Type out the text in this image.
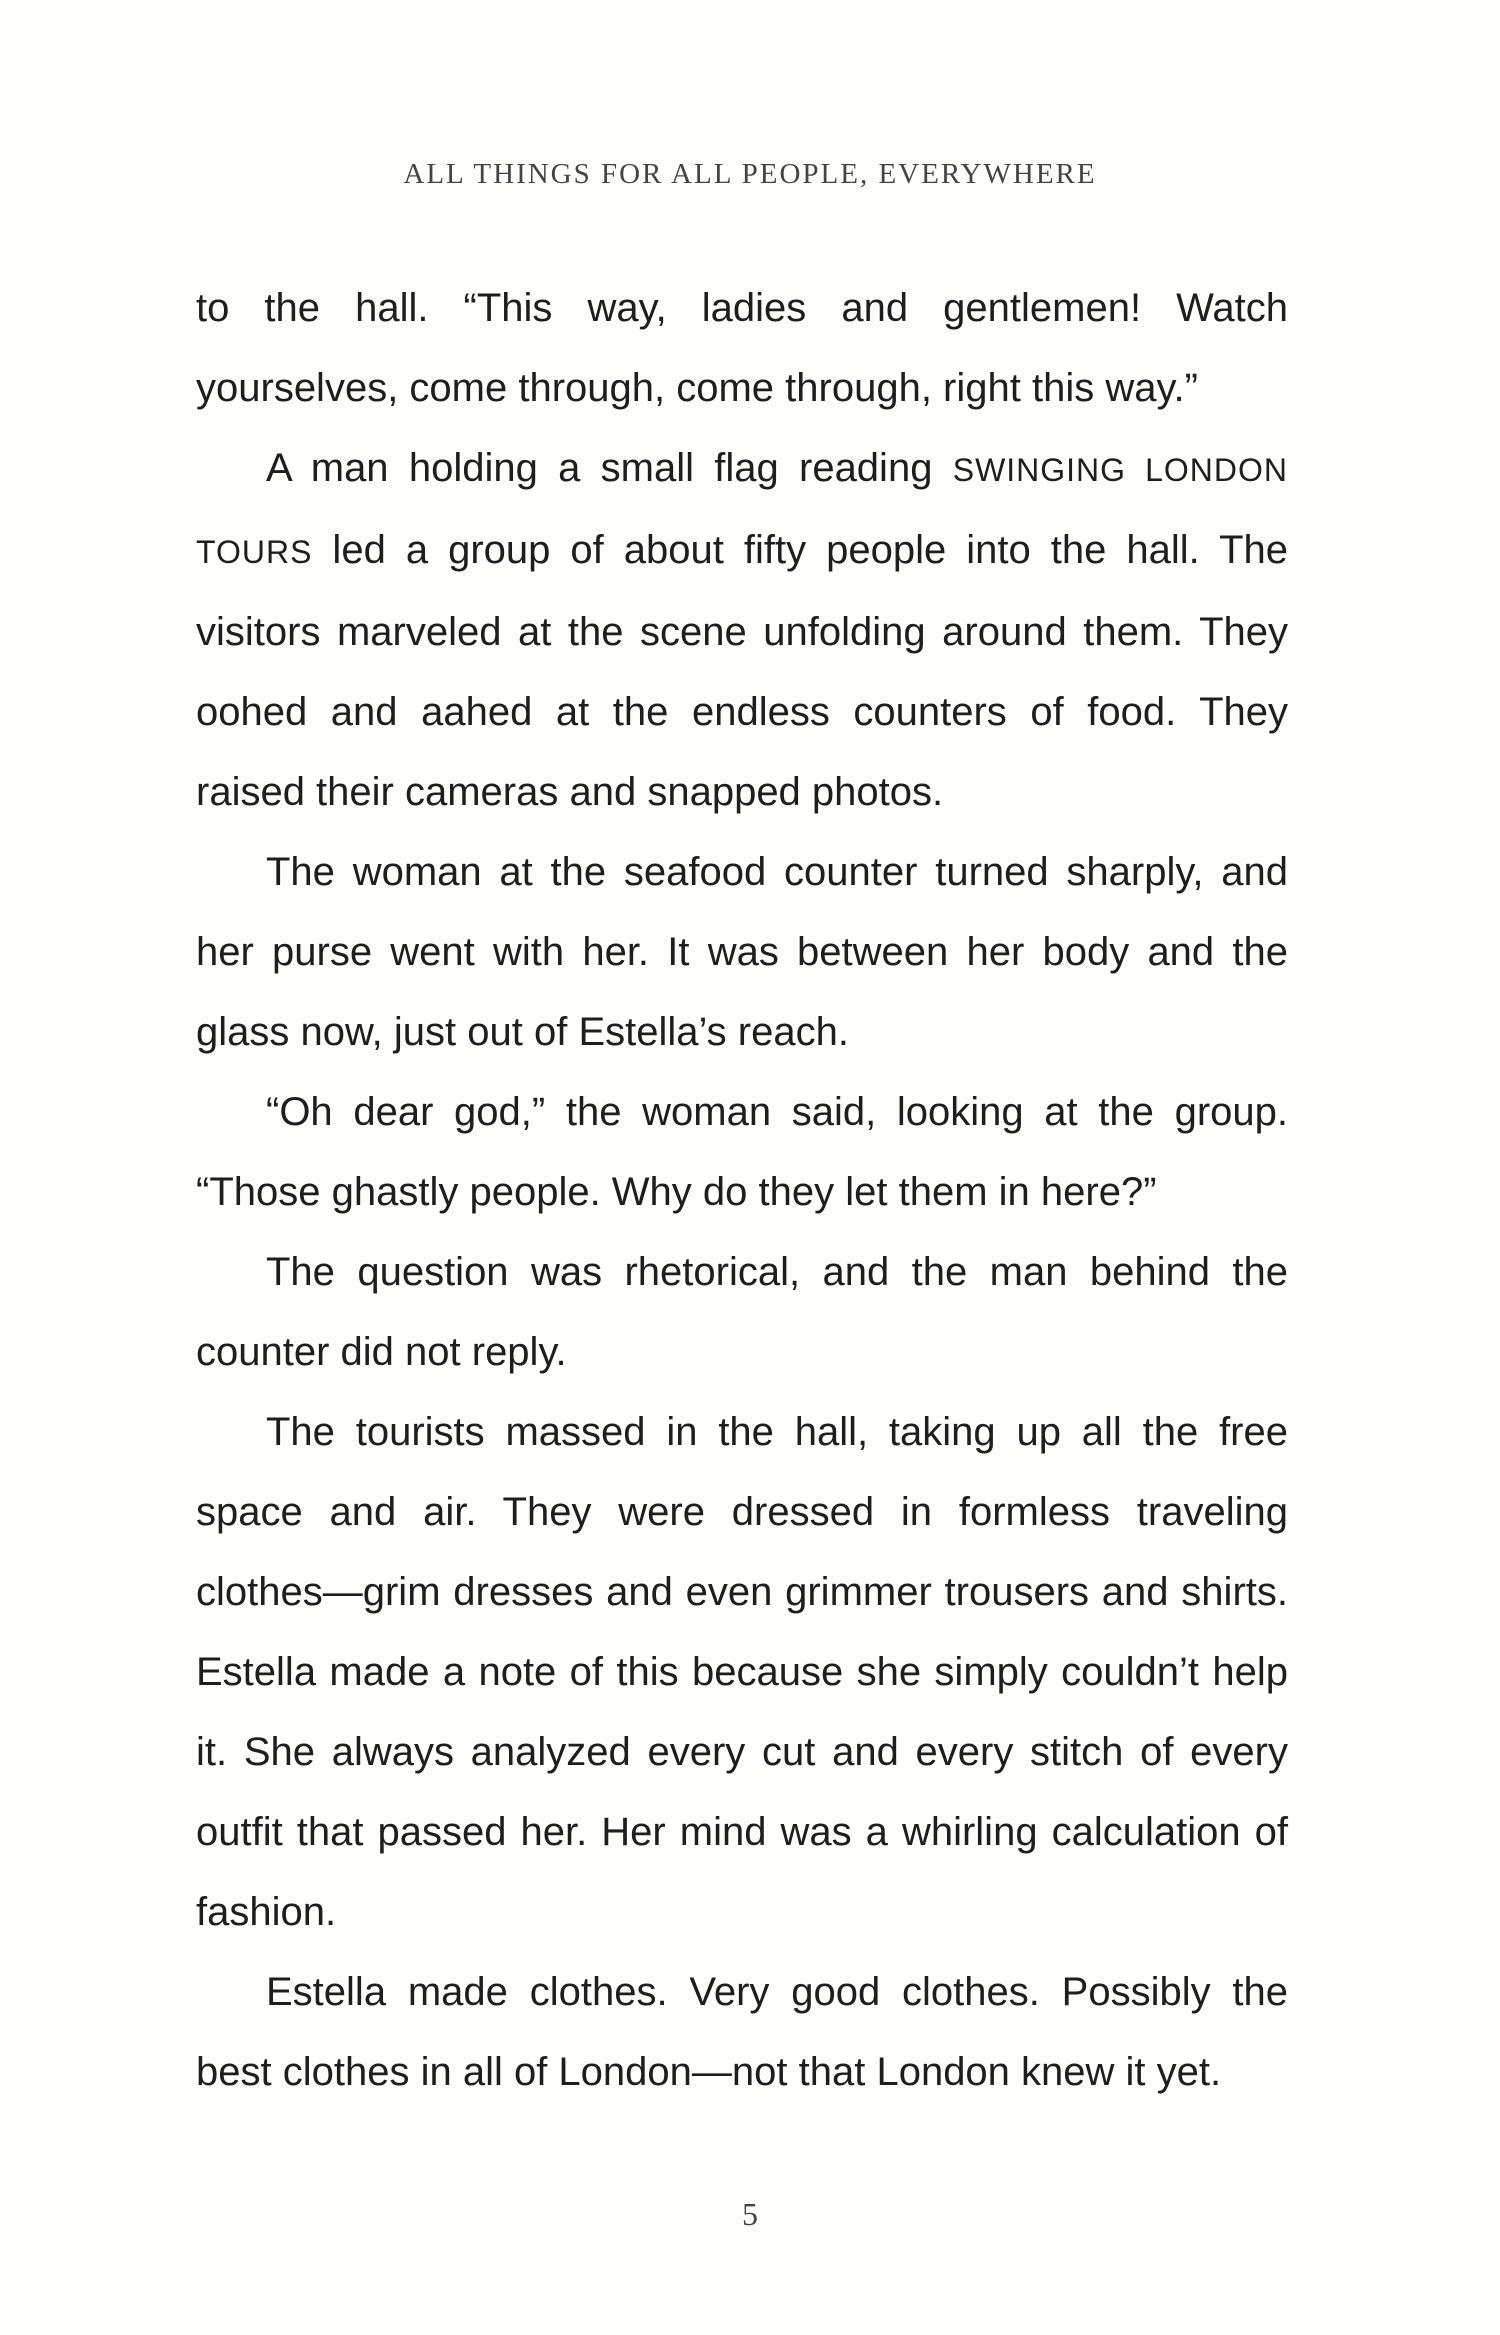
ALL THINGS FOR ALL PEOPLE, EVERYWHERE

to the hall. “This way, ladies and gentlemen! Watch yourselves, come through, come through, right this way.”

A man holding a small flag reading SWINGING LONDON TOURS led a group of about fifty people into the hall. The visitors marveled at the scene unfolding around them. They oohed and aahed at the endless counters of food. They raised their cameras and snapped photos.

The woman at the seafood counter turned sharply, and her purse went with her. It was between her body and the glass now, just out of Estella’s reach.

“Oh dear god,” the woman said, looking at the group. “Those ghastly people. Why do they let them in here?”

The question was rhetorical, and the man behind the counter did not reply.

The tourists massed in the hall, taking up all the free space and air. They were dressed in formless traveling clothes—grim dresses and even grimmer trousers and shirts. Estella made a note of this because she simply couldn’t help it. She always analyzed every cut and every stitch of every outfit that passed her. Her mind was a whirling calculation of fashion.

Estella made clothes. Very good clothes. Possibly the best clothes in all of London—not that London knew it yet.

5
